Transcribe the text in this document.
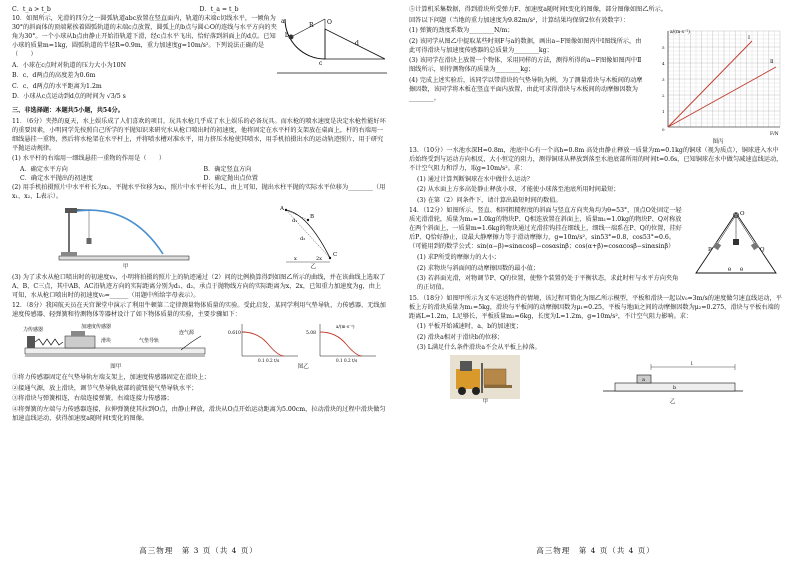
C．t_a > t_b	D．t_a = t_b

10．如图所示，光滑的四分之一圆弧轨道abc放置在竖直面内，轨道的末端c切线水平，一倾角为30°的斜面体的顶端紧挨着圆弧轨道的末端c点放置，圆弧上的b点与圆心O的连线与水平方向的夹角为30°。一个小球从b点由静止开始沿轨道下滑，经c点水平飞出，恰好落到斜面上的d点。已知小球的质量m=1kg，圆弧轨道的半径R=0.9m，重力加速度g=10m/s²。下列说法正确的是（　　）

A．小球在c点时对轨道的压力大小为10N

B．c、d两点的高度差为0.6m

C．c、d两点的水平距离为1.2m

D．小球从c点运动到d点的时间为 √3/5 s

a
b
O
R
c
d

三、非选择题：本题共5小题，共54分。

11．（6分）夹热的夏天，水上娱乐成了人们喜欢的项目，玩具水枪几乎成了水上娱乐的必备玩具。而水枪的喷水速度是决定水枪性能好坏的重要因素，小明同学先按照自己所学的平抛知识来研究水从枪口喷出时的初速度，他将固定在水平杆的支架放在桌面上，杆的右端用一细线悬挂一重物，然后将水枪架在水平杆上，并将喷水槽对准水平，用力挤压水枪使其喷水，用手机拍摄出水的运动轨迹照片，用于研究平抛运动规律。

(1) 水平杆的右端用一细线悬挂一重物的作用是（　　）

A．确定水平方向	B．确定竖直方向
C．确定水平抛出的初速度	D．确定抛出点位置

(2) 用手机拍摄照片中水平杆长为x₁，平抛水平位移为x₂，照片中水平杆长为L，由上可知，抛出水柱平抛的实际水平位移为________（用x₁、x₂、L表示）。

甲
A
B
C
d₁
d₂
x	2x
乙

(3) 为了求水从枪口喷出时的初速度v₀，小明将拍摄的照片上的轨迹通过（2）问的比例换算得到如图乙所示的曲线，并在该曲线上选取了A、B、C三点，其中AB、AC沿轨迹方向的实际距离分别为d₁、d₂，承点于抛物线方向的实际距离为x、2x，已知重力加速度为g，由上可知，水从枪口喷出时的初速度v₀=______（用题中所给字母表示）。

12．（8分）我国航天员在天宫课堂中演示了利用牛顿第二定律测量物体质量的实验。受此启发，某同学利用气垫导轨、力传感器、无线加速度传感器、轻弹簧和待测物体等器材设计了如下物体质量的实验，主要步骤如下：

力传感器	加速度传感器
滑块	气垫导轨
连气源
图甲
0.610
0.1 0.2 t/s
5.08
a/(m·s⁻²)
0.1 0.2 t/s
图乙

①将力传感器固定在气垫导轨左端支架上，加速度传感器固定在滑块上；

②接通气源，放上滑块，调节气垫导轨底部的旋钮使气垫导轨水平；

③将滑块与弹簧相连，右端连接弹簧，右端连接力传感器；

④将弹簧的左端与力传感器连接，拉伸弹簧使其拉到O点，由静止释放，滑块从O点开始运动距离为5.00cm，拉动滑块的过程中滑块做匀加速直线运动，获得加速度a随时间t变化的图像。

高三物理　第 3 页（共 4 页）

⑤计算机采集数据，得到滑块所受弹力F、加速度a随时间t变化的图像，部分图像如图乙所示。

回答以下问题（当地的重力加速度为9.82m/s²，计算结果均保留2位有效数字）：

(1) 弹簧的劲度系数为________N/m；

(2) 该同学从图乙中提取某些时刻F与a的数据，画出a−F图像如图丙中Ⅰ图线所示，由此可得滑块与加速度传感器的总质量为________kg；

(3) 该同学在滑块上放置一个物体，采用同样的方法，测得所得的a−F图像如图丙中Ⅱ图线所示，则待测物体的质量为________kg；

(4) 完成上述实验后，该同学以带滑块的气垫导轨为例，为了测量滑块与木板间的动摩擦因数，该同学将木板在竖直平面内放置，由此可求得滑块与木板间的动摩擦因数为________。

Ⅰ
Ⅱ
a/(m·s⁻²)
F/N
5
4
3
2
1
0
图丙

13．（10分）一水池水深H=0.8m，池底中心有一个高h=0.8m 高处由静止释放一质量为m=0.1kg的铜球（视为质点），铜球进入水中后始终受到与运动方向相反、大小恒定的阻力，测得铜球从释放到落至水池底部所用的时间t=0.6s，已知铜球在水中做匀减速直线运动，不计空气阻力和浮力，取g=10m/s²。求：

(1) 通过计算判断铜球在水中做什么运动？

(2) 从水面上方多高处静止释放小球，才能使小球落至池底所用时间最短；

(3) 在第（2）问条件下，请计算出最短时间的数值。

14．（12分）如图所示，竖直、相同粗糙程度的斜面与竖直方向夹角均为θ=53°，顶点O处固定一轻质光滑滑轮，质量为m₁=1.0kg的物块P、Q相连放置在斜面上，质量m₁=1.0kg的物块P、Q对称放在两个斜面上，一质量m=1.6kg的物块通过光滑挂钩挂在细线上，细线一端系在P、Q的位置，挂好后P、Q恰好静止，设最大静摩擦力等于滑动摩擦力，g=10m/s²，sin53°=0.8，cos53°=0.6。（可能用到的数学公式：sin(α−β)=sinαcosβ−cosαsinβ；cos(α+β)=cosαcosβ−sinαsinβ）

(1) 求P所受的摩擦力的大小；

(2) 求物块与斜面间的动摩擦因数的最小值；

(3) 若斜面光滑，对物调节P、Q的位置，使整个装置仍处于平衡状态，求此时杆与水平方向夹角的正切值。

O
P	Q
θ θ

15．（18分）如图甲所示为叉车运送物件的情境，该过程可简化为图乙所示模型，平板和滑块一起以v₀=3m/s的速度做匀速直线运动，平板上方的滑块质量为m₁=5kg，滑块与平板间的动摩擦因数为μ₁=0.25，平板与地面之间的动摩擦因数为μ₂=0.275，滑块与平板右端的距离L=1.2m，L足够长，平板质量m₂=6kg，长度为L=1.2m，g=10m/s²，不计空气阻力影响。求：

(1) 平板开始减速时，a、b的加速度；

(2) 滑块a相对于滑块b的位移；

(3) L满足什么条件滑块a不会从平板上掉落。

甲
a
b
l
乙
高三物理　第 4 页（共 4 页）
